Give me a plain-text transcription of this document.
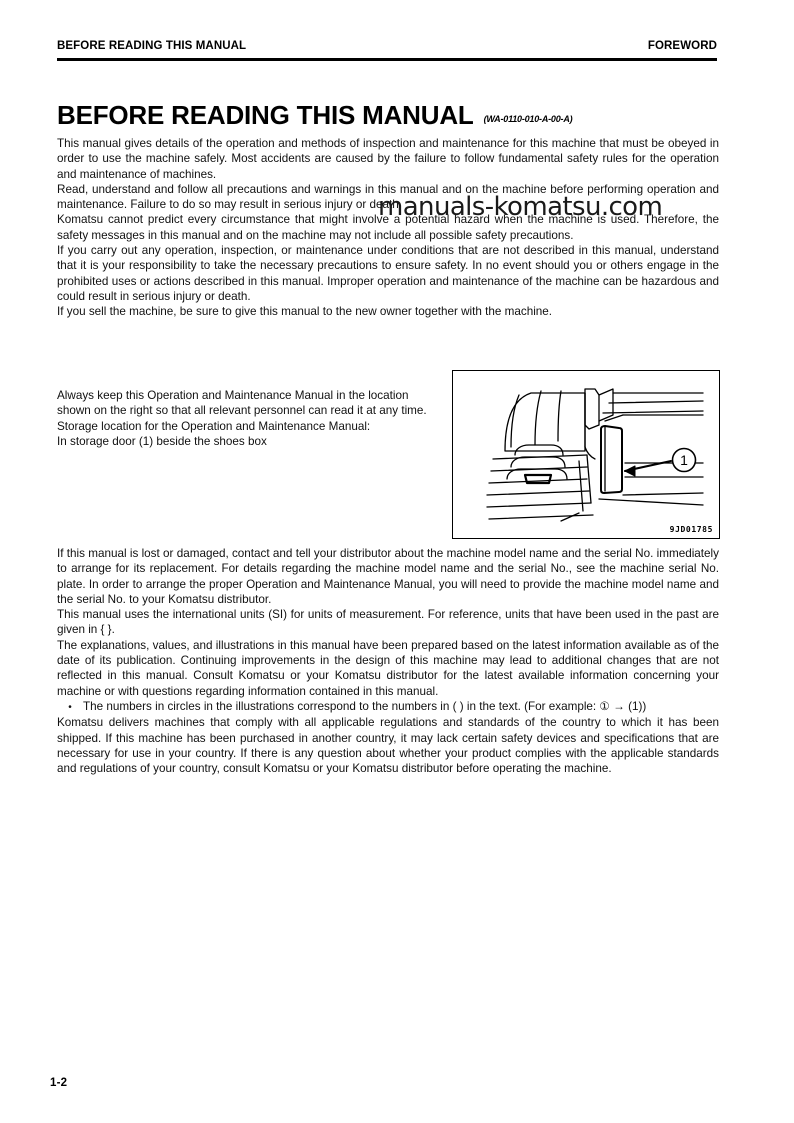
BEFORE READING THIS MANUAL	FOREWORD
BEFORE READING THIS MANUAL (WA-0110-010-A-00-A)

This manual gives details of the operation and methods of inspection and maintenance for this machine that must be obeyed in order to use the machine safely. Most accidents are caused by the failure to follow fundamental safety rules for the operation and maintenance of machines.

Read, understand and follow all precautions and warnings in this manual and on the machine before performing operation and maintenance. Failure to do so may result in serious injury or death.

Komatsu cannot predict every circumstance that might involve a potential hazard when the machine is used. Therefore, the safety messages in this manual and on the machine may not include all possible safety precautions.

If you carry out any operation, inspection, or maintenance under conditions that are not described in this manual, understand that it is your responsibility to take the necessary precautions to ensure safety. In no event should you or others engage in the prohibited uses or actions described in this manual. Improper operation and maintenance of the machine can be hazardous and could result in serious injury or death.

If you sell the machine, be sure to give this manual to the new owner together with the machine.

manuals-komatsu.com

Always keep this Operation and Maintenance Manual in the location shown on the right so that all relevant personnel can read it at any time.

Storage location for the Operation and Maintenance Manual:

In storage door (1) beside the shoes box

1
9JD01785

If this manual is lost or damaged, contact and tell your distributor about the machine model name and the serial No. immediately to arrange for its replacement. For details regarding the machine model name and the serial No., see the machine serial No. plate. In order to arrange the proper Operation and Maintenance Manual, you will need to provide the machine model name and the serial No. to your Komatsu distributor.

This manual uses the international units (SI) for units of measurement. For reference, units that have been used in the past are given in { }.

The explanations, values, and illustrations in this manual have been prepared based on the latest information available as of the date of its publication. Continuing improvements in the design of this machine may lead to additional changes that are not reflected in this manual. Consult Komatsu or your Komatsu distributor for the latest available information concerning your machine or with questions regarding information contained in this manual.

• The numbers in circles in the illustrations correspond to the numbers in ( ) in the text. (For example: ① → (1))

Komatsu delivers machines that comply with all applicable regulations and standards of the country to which it has been shipped. If this machine has been purchased in another country, it may lack certain safety devices and specifications that are necessary for use in your country. If there is any question about whether your product complies with the applicable standards and regulations of your country, consult Komatsu or your Komatsu distributor before operating the machine.

1-2
